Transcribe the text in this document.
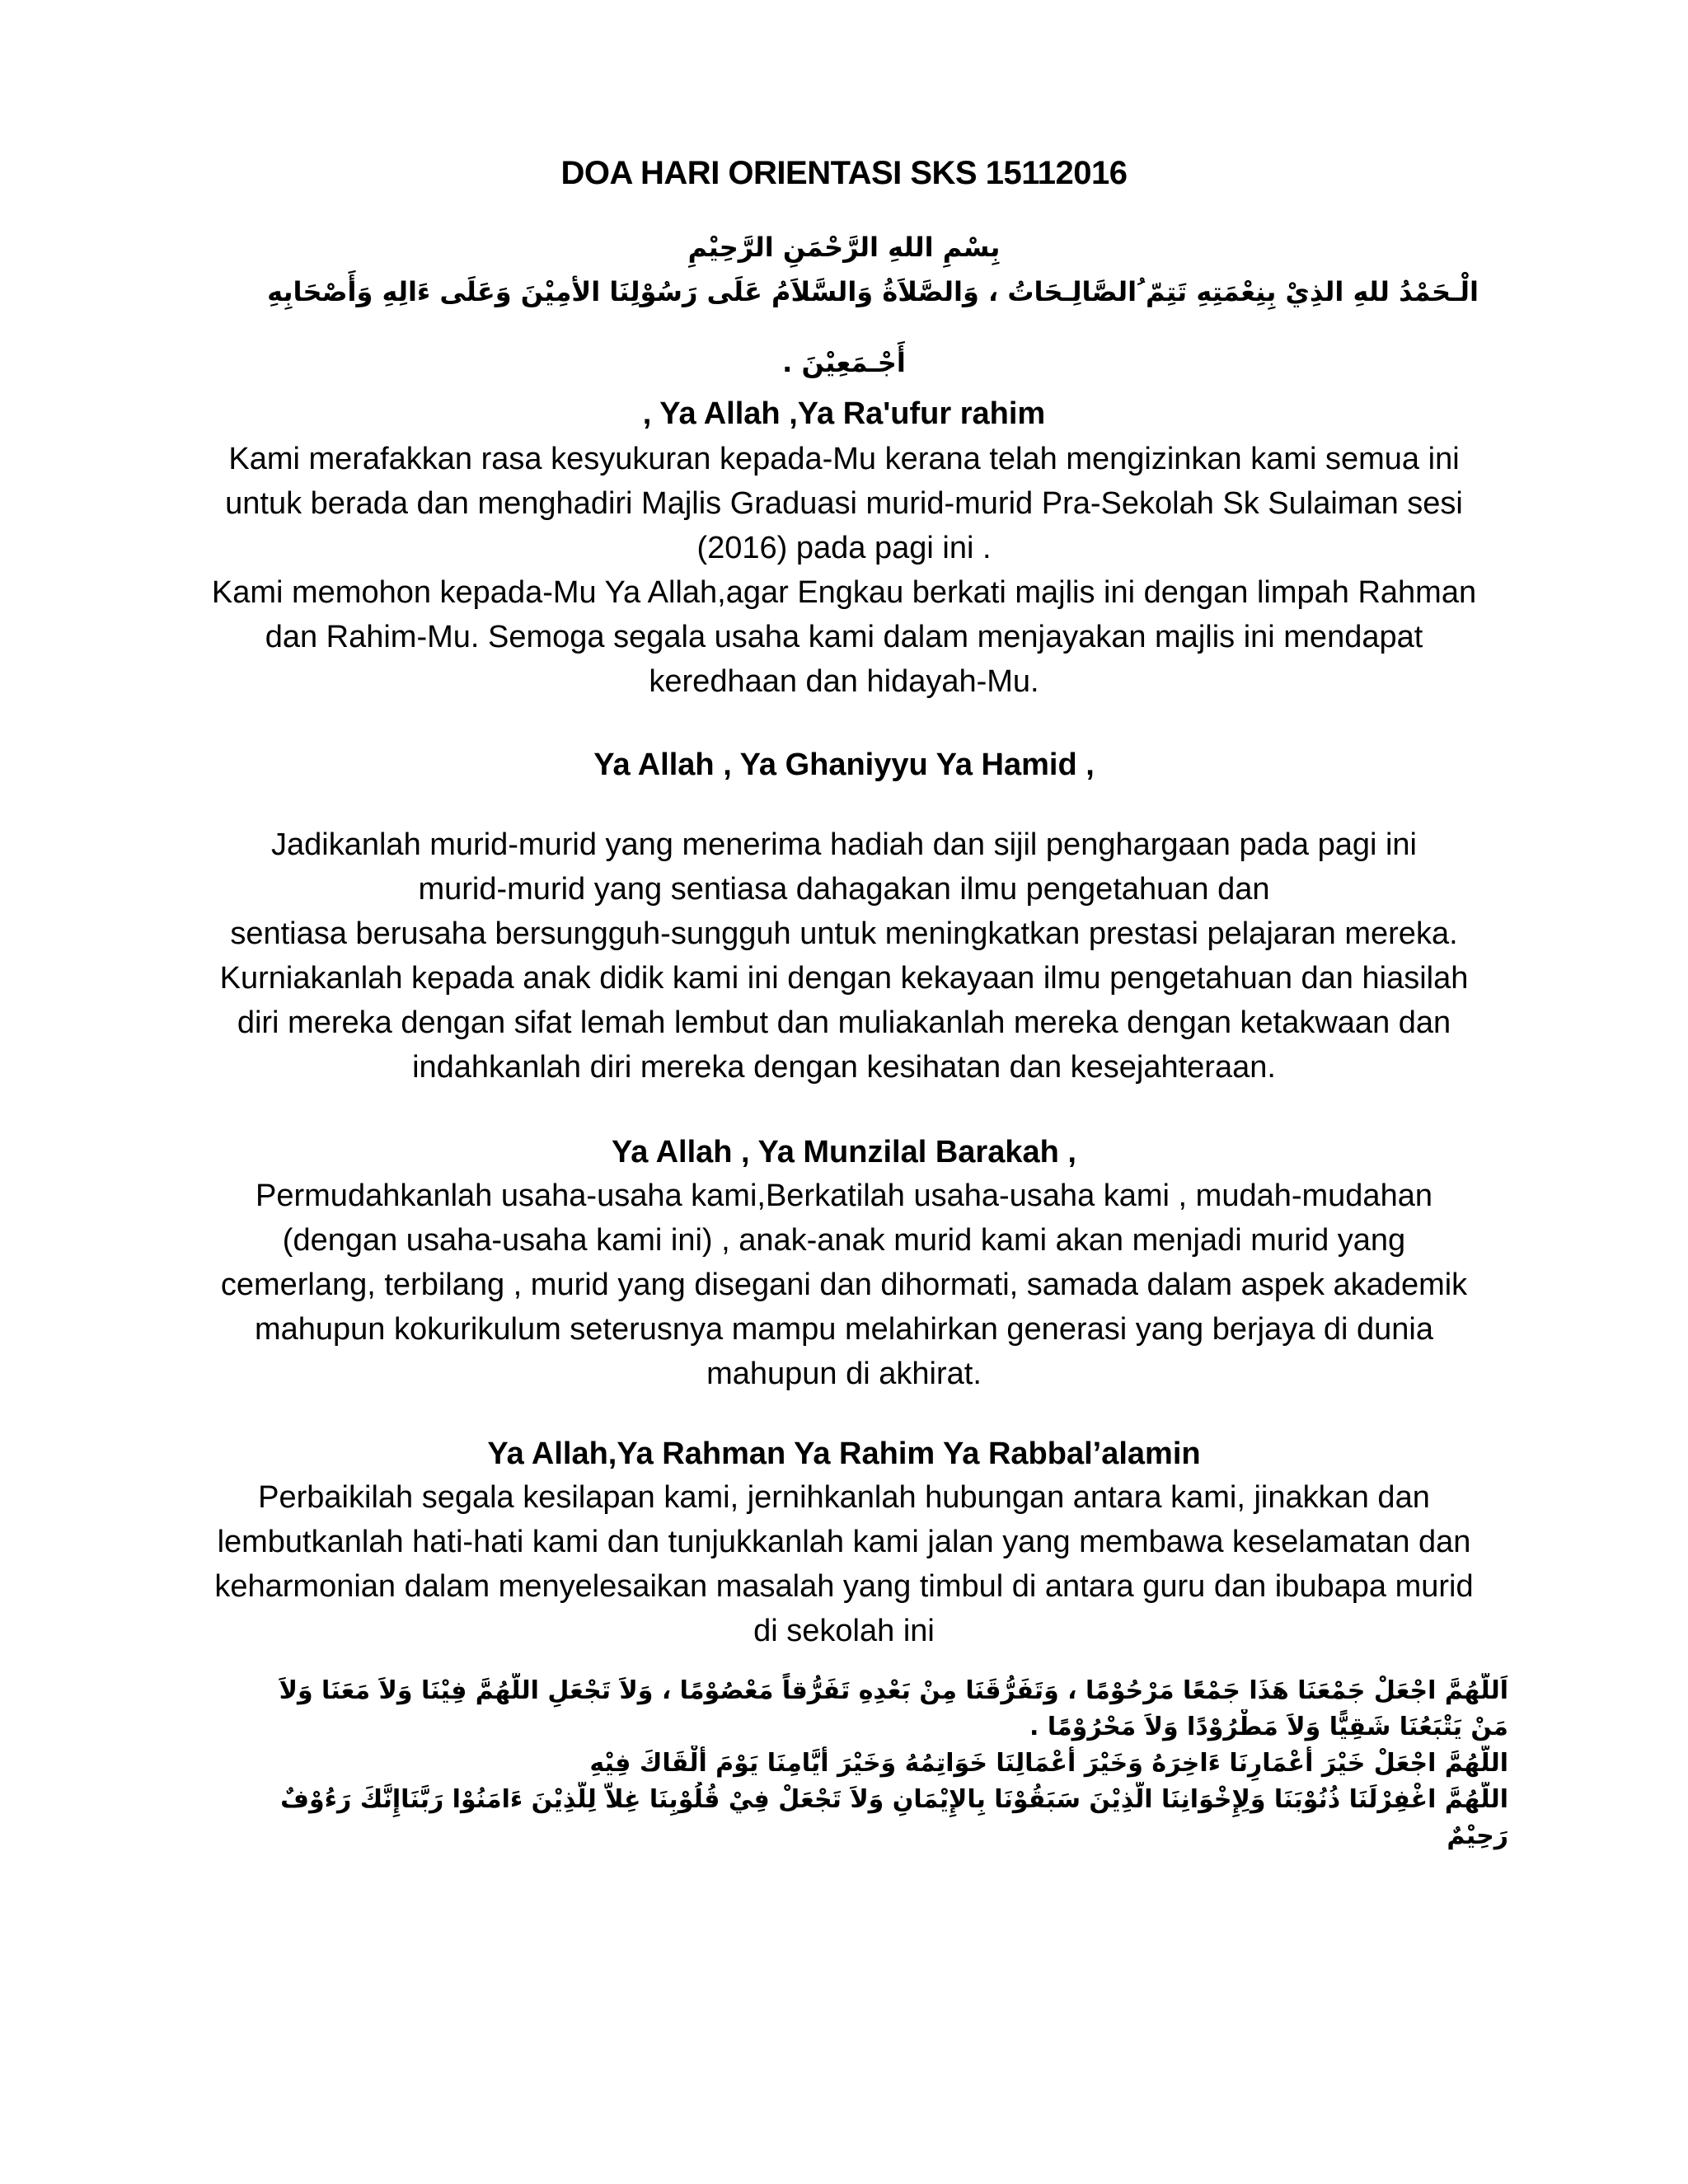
DOA HARI ORIENTASI SKS 15112016
بِسْمِ اللهِ الرَّحْمَنِ الرَّحِيْمِ
الْـحَمْدُ للهِ الذِيْ بِنِعْمَتِهِ تَتِمّ ُالصَّالِـحَاتُ ، وَالصَّلاَةُ وَالسَّلاَمُ عَلَى رَسُوْلِنَا الأمِيْنَ وَعَلَى ءَالِهِ وَأَصْحَابِهِ
أَجْـمَعِيْنَ .
, Ya Allah ,Ya Ra'ufur rahim
Kami merafakkan rasa kesyukuran kepada-Mu kerana telah mengizinkan kami semua ini
untuk berada dan menghadiri Majlis Graduasi murid-murid Pra-Sekolah Sk Sulaiman sesi
(2016) pada pagi ini .
Kami memohon kepada-Mu Ya Allah,agar Engkau berkati majlis ini dengan limpah Rahman
dan Rahim-Mu. Semoga segala usaha kami dalam menjayakan majlis ini mendapat
keredhaan dan hidayah-Mu.
Ya Allah , Ya Ghaniyyu Ya Hamid ,
Jadikanlah murid-murid yang menerima hadiah dan sijil penghargaan pada pagi ini
murid-murid yang sentiasa dahagakan ilmu pengetahuan dan
sentiasa berusaha bersungguh-sungguh untuk meningkatkan prestasi pelajaran mereka.
Kurniakanlah kepada anak didik kami ini dengan kekayaan ilmu pengetahuan dan hiasilah
diri mereka dengan sifat lemah lembut dan muliakanlah mereka dengan ketakwaan dan
indahkanlah diri mereka dengan kesihatan dan kesejahteraan.
Ya Allah , Ya Munzilal Barakah ,
Permudahkanlah usaha-usaha kami,Berkatilah usaha-usaha kami , mudah-mudahan
(dengan usaha-usaha kami ini) , anak-anak murid kami akan menjadi murid yang
cemerlang, terbilang , murid yang disegani dan dihormati, samada dalam aspek akademik
mahupun kokurikulum seterusnya mampu melahirkan generasi yang berjaya di dunia
mahupun di akhirat.
Ya Allah,Ya Rahman Ya Rahim Ya Rabbal’alamin
Perbaikilah segala kesilapan kami, jernihkanlah hubungan antara kami, jinakkan dan
lembutkanlah hati-hati kami dan tunjukkanlah kami jalan yang membawa keselamatan dan
keharmonian dalam menyelesaikan masalah yang timbul di antara guru dan ibubapa murid
di sekolah ini
اَللَّهُمَّ اجْعَلْ جَمْعَنَا هَذَا جَمْعًا مَرْحُوْمًا ، وَتَفَرُّقَنَا مِنْ بَعْدِهِ تَفَرُّقاً مَعْصُوْمًا ، وَلاَ تَجْعَلِ اللَّهُمَّ فِيْنَا وَلاَ مَعَنَا وَلاَ
مَنْ يَتْبَعُنَا شَقِيًّا وَلاَ مَطْرُوْدًا وَلاَ مَحْرُوْمًا .
اللَّهُمَّ اجْعَلْ خَيْرَ أَعْمَارِنَا ءَاخِرَهُ وَخَيْرَ أَعْمَالِنَا خَوَاتِمُهُ وَخَيْرَ أَيَّامِنَا يَوْمَ أَلْقَاكَ فِيْهِ
اللَّهُمَّ اغْفِرْلَنَا ذُنُوْبَنَا وَلِإِخْوَانِنَا الَّذِيْنَ سَبَقُوْنَا بِالإِيْمَانِ وَلاَ تَجْعَلْ فِيْ قُلُوْبِنَا غِلاًّ لِلَّذِيْنَ ءَامَنُوْا رَبَّنَاإِنَّكَ رَءُوْفٌ
رَحِيْمٌ
